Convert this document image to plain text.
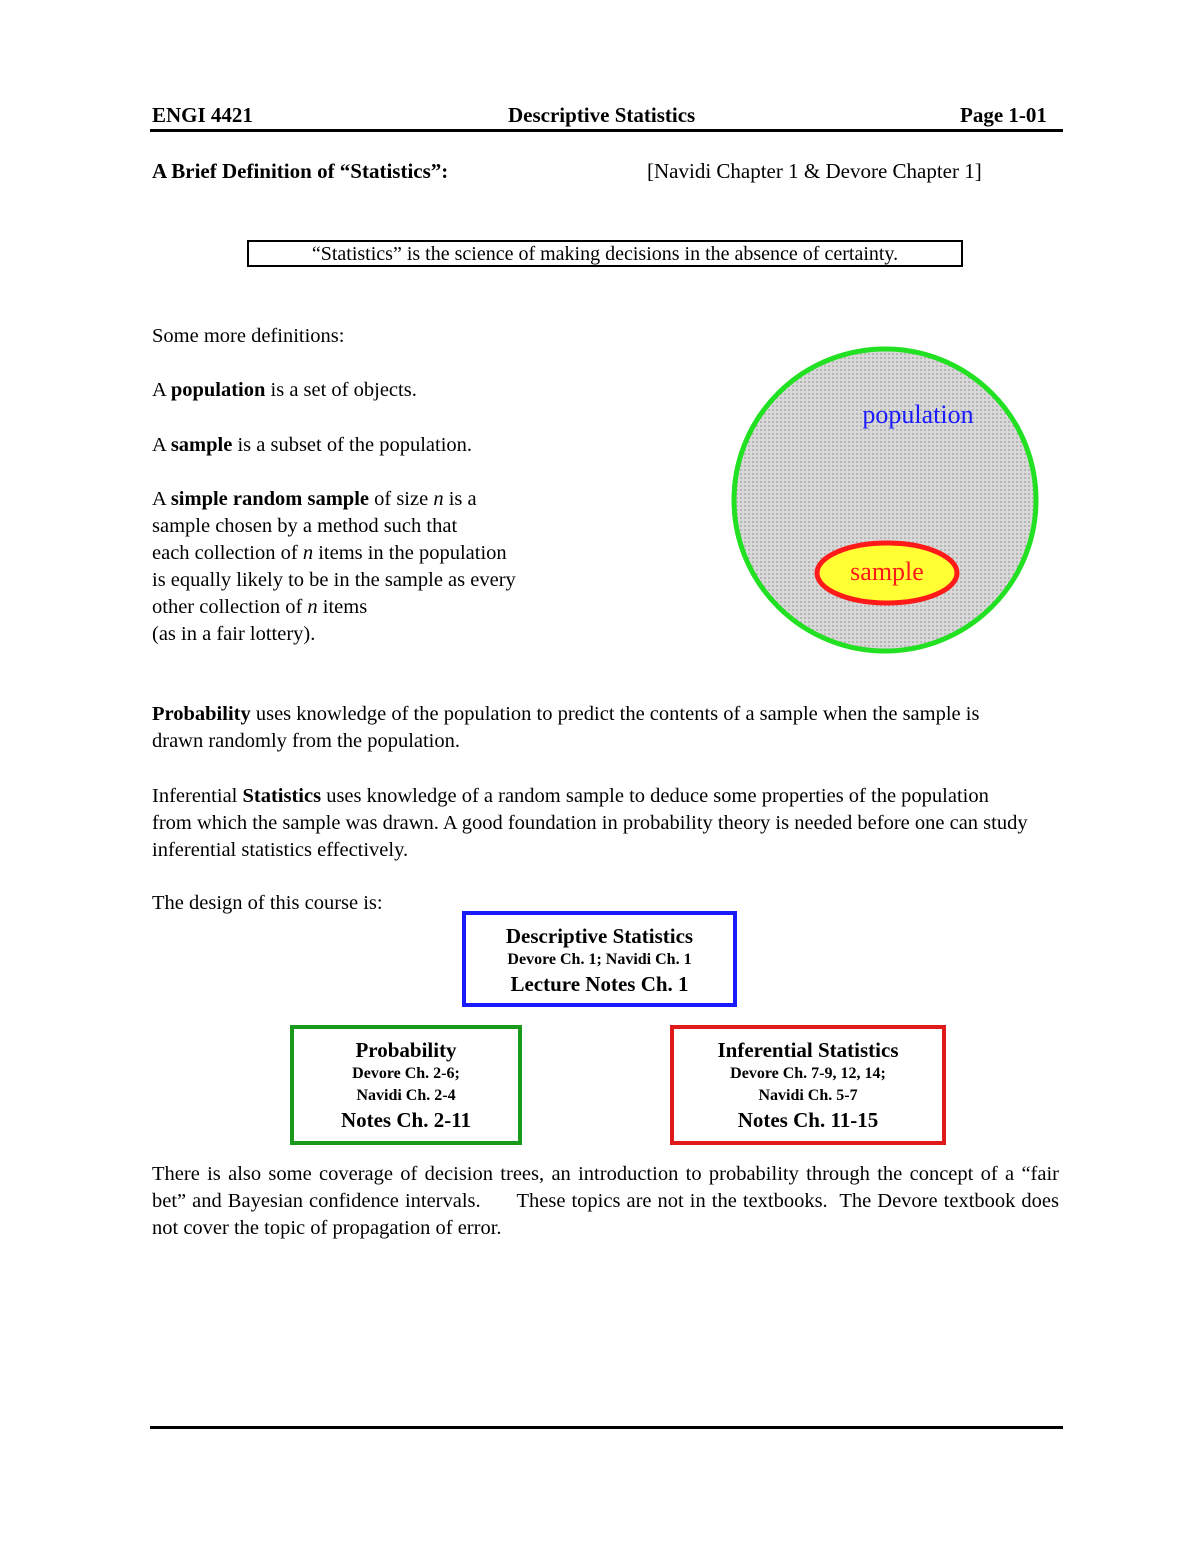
ENGI 4421	Descriptive Statistics	Page 1-01
A Brief Definition of “Statistics”:	[Navidi Chapter 1 & Devore Chapter 1]
“Statistics” is the science of making decisions in the absence of certainty.
Some more definitions:
A population is a set of objects.
A sample is a subset of the population.
A simple random sample of size n is a
sample chosen by a method such that
each collection of n items in the population
is equally likely to be in the sample as every
other collection of n items
(as in a fair lottery).
population
sample
Probability uses knowledge of the population to predict the contents of a sample when the sample is drawn randomly from the population.
Inferential Statistics uses knowledge of a random sample to deduce some properties of the population from which the sample was drawn. A good foundation in probability theory is needed before one can study inferential statistics effectively.
The design of this course is:
Descriptive Statistics
Devore Ch. 1; Navidi Ch. 1
Lecture Notes Ch. 1
Probability
Devore Ch. 2-6;
Navidi Ch. 2-4
Notes Ch. 2-11
Inferential Statistics
Devore Ch. 7-9, 12, 14;
Navidi Ch. 5-7
Notes Ch. 11-15
There is also some coverage of decision trees, an introduction to probability through the concept of a “fair bet” and Bayesian confidence intervals.      These topics are not in the textbooks.  The Devore textbook does not cover the topic of propagation of error.
